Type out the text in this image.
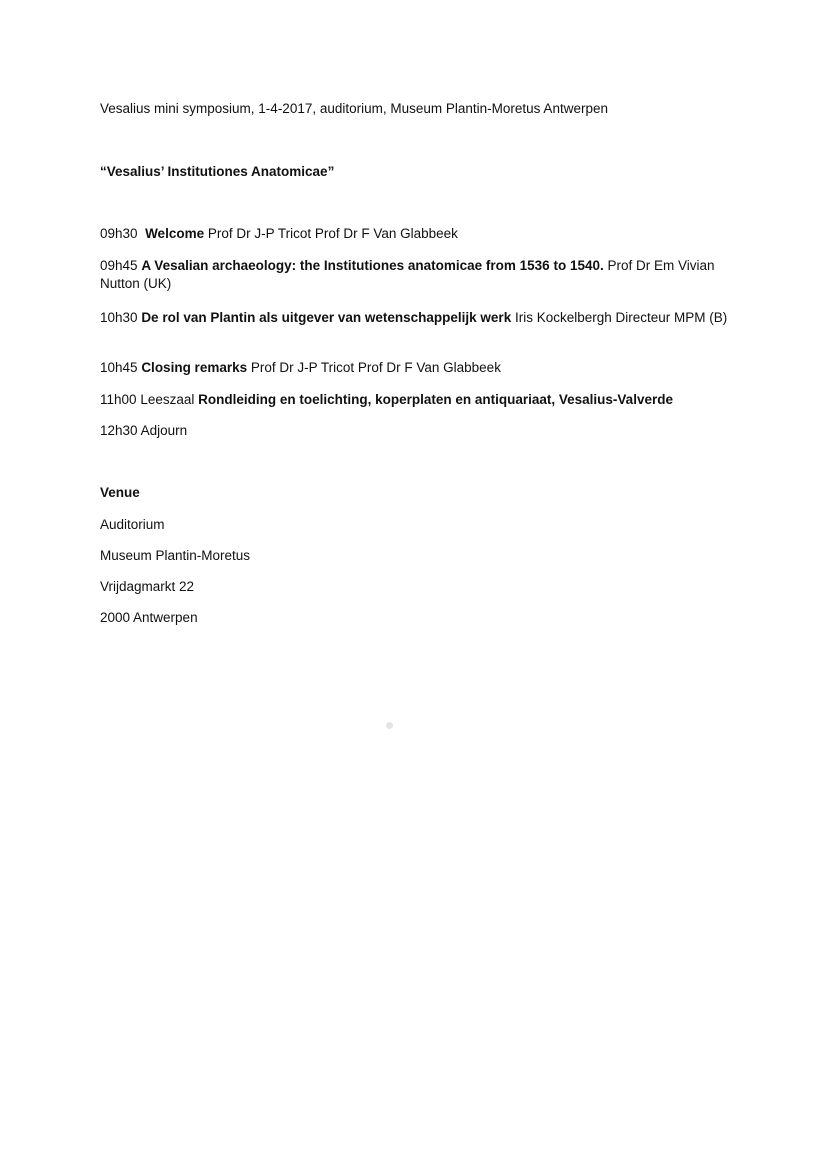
Vesalius mini symposium, 1-4-2017, auditorium, Museum Plantin-Moretus Antwerpen
“Vesalius’ Institutiones Anatomicae”
09h30 Welcome Prof Dr J-P Tricot Prof Dr F Van Glabbeek
09h45 A Vesalian archaeology: the Institutiones anatomicae from 1536 to 1540. Prof Dr Em Vivian Nutton (UK)
10h30 De rol van Plantin als uitgever van wetenschappelijk werk Iris Kockelbergh Directeur MPM (B)
10h45 Closing remarks Prof Dr J-P Tricot Prof Dr F Van Glabbeek
11h00 Leeszaal Rondleiding en toelichting, koperplaten en antiquariaat, Vesalius-Valverde
12h30 Adjourn
Venue
Auditorium
Museum Plantin-Moretus
Vrijdagmarkt 22
2000 Antwerpen
